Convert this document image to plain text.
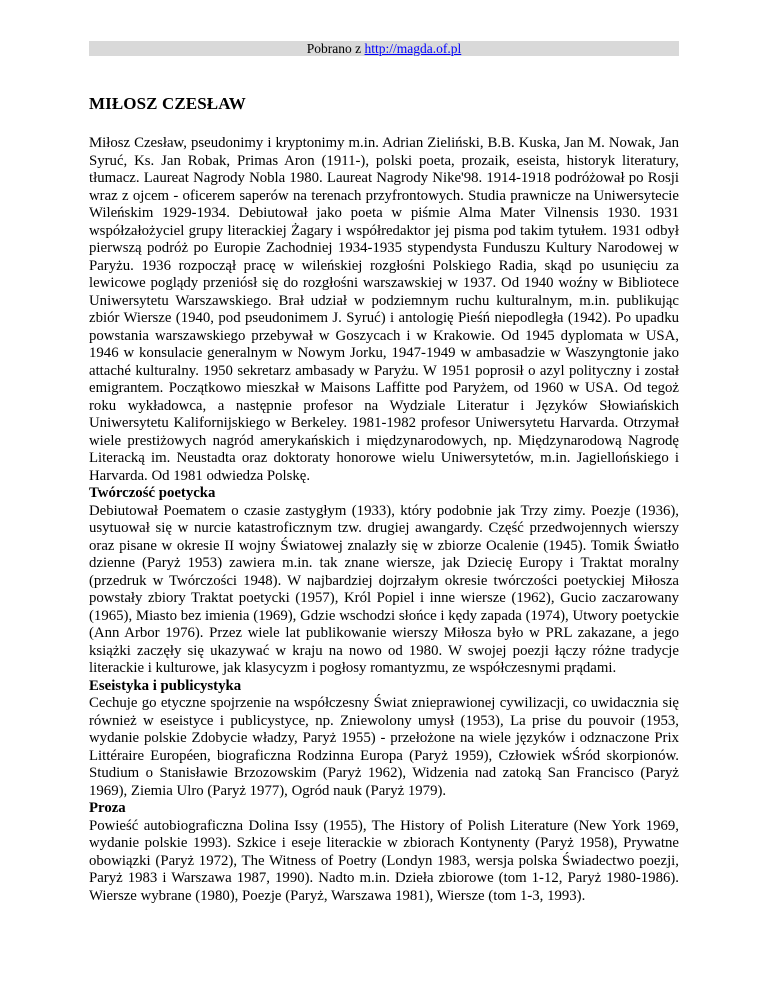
Pobrano z http://magda.of.pl
MIŁOSZ CZESŁAW

Miłosz Czesław, pseudonimy i kryptonimy m.in. Adrian Zieliński, B.B. Kuska, Jan M. Nowak, Jan Syruć, Ks. Jan Robak, Primas Aron (1911-), polski poeta, prozaik, eseista, historyk literatury, tłumacz. Laureat Nagrody Nobla 1980. Laureat Nagrody Nike'98. 1914-1918 podróżował po Rosji wraz z ojcem - oficerem saperów na terenach przyfrontowych. Studia prawnicze na Uniwersytecie Wileńskim 1929-1934. Debiutował jako poeta w piśmie Alma Mater Vilnensis 1930. 1931 współzałożyciel grupy literackiej Żagary i współredaktor jej pisma pod takim tytułem. 1931 odbył pierwszą podróż po Europie Zachodniej 1934-1935 stypendysta Funduszu Kultury Narodowej w Paryżu. 1936 rozpoczął pracę w wileńskiej rozgłośni Polskiego Radia, skąd po usunięciu za lewicowe poglądy przeniósł się do rozgłośni warszawskiej w 1937. Od 1940 woźny w Bibliotece Uniwersytetu Warszawskiego. Brał udział w podziemnym ruchu kulturalnym, m.in. publikując zbiór Wiersze (1940, pod pseudonimem J. Syruć) i antologię Pieśń niepodległa (1942). Po upadku powstania warszawskiego przebywał w Goszycach i w Krakowie. Od 1945 dyplomata w USA, 1946 w konsulacie generalnym w Nowym Jorku, 1947-1949 w ambasadzie w Waszyngtonie jako attaché kulturalny. 1950 sekretarz ambasady w Paryżu. W 1951 poprosił o azyl polityczny i został emigrantem. Początkowo mieszkał w Maisons Laffitte pod Paryżem, od 1960 w USA. Od tegoż roku wykładowca, a następnie profesor na Wydziale Literatur i Języków Słowiańskich Uniwersytetu Kalifornijskiego w Berkeley. 1981-1982 profesor Uniwersytetu Harvarda. Otrzymał wiele prestiżowych nagród amerykańskich i międzynarodowych, np. Międzynarodową Nagrodę Literacką im. Neustadta oraz doktoraty honorowe wielu Uniwersytetów, m.in. Jagiellońskiego i Harvarda. Od 1981 odwiedza Polskę.

Twórczość poetycka

Debiutował Poematem o czasie zastygłym (1933), który podobnie jak Trzy zimy. Poezje (1936), usytuował się w nurcie katastroficznym tzw. drugiej awangardy. Część przedwojennych wierszy oraz pisane w okresie II wojny Światowej znalazły się w zbiorze Ocalenie (1945). Tomik Światło dzienne (Paryż 1953) zawiera m.in. tak znane wiersze, jak Dziecię Europy i Traktat moralny (przedruk w Twórczości 1948). W najbardziej dojrzałym okresie twórczości poetyckiej Miłosza powstały zbiory Traktat poetycki (1957), Król Popiel i inne wiersze (1962), Gucio zaczarowany (1965), Miasto bez imienia (1969), Gdzie wschodzi słońce i kędy zapada (1974), Utwory poetyckie (Ann Arbor 1976). Przez wiele lat publikowanie wierszy Miłosza było w PRL zakazane, a jego książki zaczęły się ukazywać w kraju na nowo od 1980. W swojej poezji łączy różne tradycje literackie i kulturowe, jak klasycyzm i pogłosy romantyzmu, ze współczesnymi prądami.

Eseistyka i publicystyka

Cechuje go etyczne spojrzenie na współczesny Świat znieprawionej cywilizacji, co uwidacznia się również w eseistyce i publicystyce, np. Zniewolony umysł (1953), La prise du pouvoir (1953, wydanie polskie Zdobycie władzy, Paryż 1955) - przełożone na wiele języków i odznaczone Prix Littéraire Européen, biograficzna Rodzinna Europa (Paryż 1959), Człowiek wŚród skorpionów. Studium o Stanisławie Brzozowskim (Paryż 1962), Widzenia nad zatoką San Francisco (Paryż 1969), Ziemia Ulro (Paryż 1977), Ogród nauk (Paryż 1979).

Proza

Powieść autobiograficzna Dolina Issy (1955), The History of Polish Literature (New York 1969, wydanie polskie 1993). Szkice i eseje literackie w zbiorach Kontynenty (Paryż 1958), Prywatne obowiązki (Paryż 1972), The Witness of Poetry (Londyn 1983, wersja polska Świadectwo poezji, Paryż 1983 i Warszawa 1987, 1990). Nadto m.in. Dzieła zbiorowe (tom 1-12, Paryż 1980-1986). Wiersze wybrane (1980), Poezje (Paryż, Warszawa 1981), Wiersze (tom 1-3, 1993).
